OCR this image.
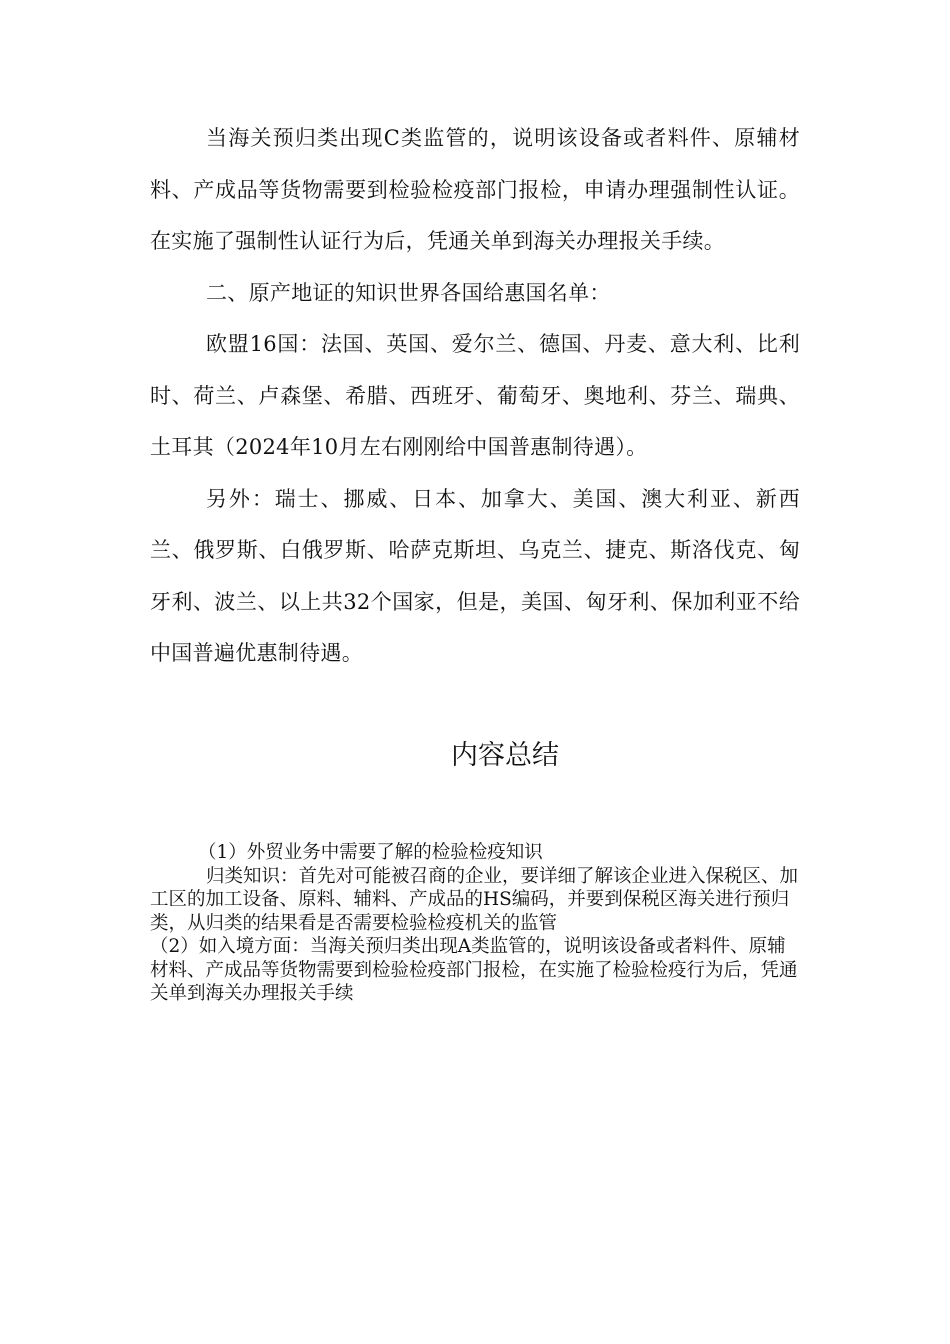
当海关预归类出现C类监管的，说明该设备或者料件、原辅材料、产成品等货物需要到检验检疫部门报检，申请办理强制性认证。在实施了强制性认证行为后，凭通关单到海关办理报关手续。

二、原产地证的知识世界各国给惠国名单：

欧盟16国：法国、英国、爱尔兰、德国、丹麦、意大利、比利时、荷兰、卢森堡、希腊、西班牙、葡萄牙、奥地利、芬兰、瑞典、土耳其（2024年10月左右刚刚给中国普惠制待遇）。

另外：瑞士、挪威、日本、加拿大、美国、澳大利亚、新西兰、俄罗斯、白俄罗斯、哈萨克斯坦、乌克兰、捷克、斯洛伐克、匈牙利、波兰、以上共32个国家，但是，美国、匈牙利、保加利亚不给中国普遍优惠制待遇。

内容总结

（1）外贸业务中需要了解的检验检疫知识

归类知识：首先对可能被召商的企业，要详细了解该企业进入保税区、加工区的加工设备、原料、辅料、产成品的HS编码，并要到保税区海关进行预归类，从归类的结果看是否需要检验检疫机关的监管

（2）如入境方面：当海关预归类出现A类监管的，说明该设备或者料件、原辅材料、产成品等货物需要到检验检疫部门报检，在实施了检验检疫行为后，凭通关单到海关办理报关手续
